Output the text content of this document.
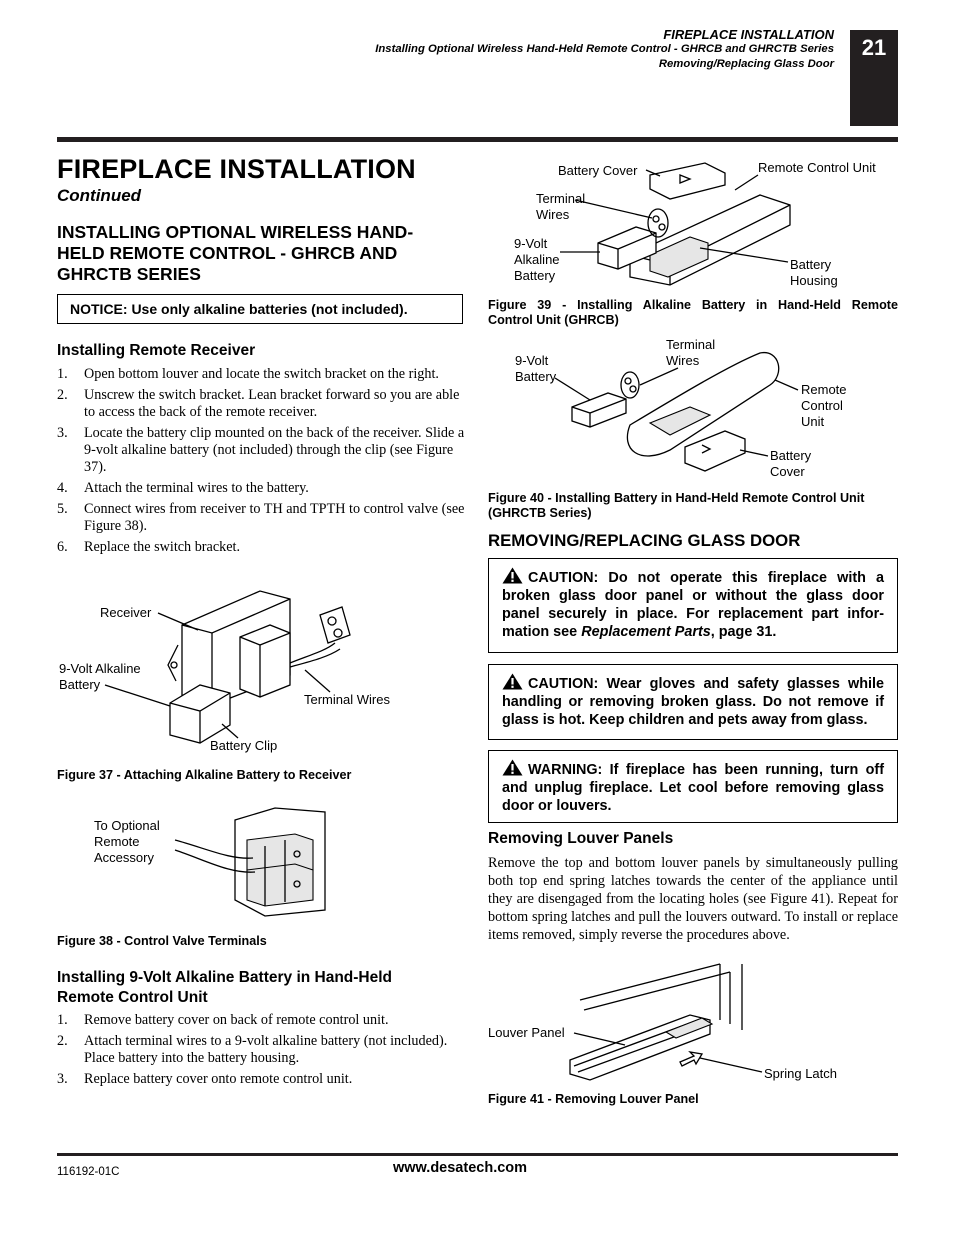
FIREPLACE INSTALLATION
Installing Optional Wireless Hand-Held Remote Control - GHRCB and GHRCTB Series
Removing/Replacing Glass Door
21
FIREPLACE INSTALLATION
Continued
INSTALLING OPTIONAL WIRELESS HAND-
HELD REMOTE CONTROL - GHRCB AND
GHRCTB SERIES
NOTICE: Use only alkaline batteries (not included).
Installing Remote Receiver
1. Open bottom louver and locate the switch bracket on the right.
2. Unscrew the switch bracket. Lean bracket forward so you are able to access the back of the remote receiver.
3. Locate the battery clip mounted on the back of the receiver. Slide a 9-volt alkaline battery (not included) through the clip (see Figure 37).
4. Attach the terminal wires to the battery.
5. Connect wires from receiver to TH and TPTH to control valve (see Figure 38).
6. Replace the switch bracket.
Receiver
9-Volt Alkaline
Battery
Terminal Wires
Battery Clip
Figure 37 - Attaching Alkaline Battery to Receiver
To Optional
Remote
Accessory
Figure 38 - Control Valve Terminals
Installing 9-Volt Alkaline Battery in Hand-Held
Remote Control Unit
1. Remove battery cover on back of remote control unit.
2. Attach terminal wires to a 9-volt alkaline battery (not included). Place battery into the battery housing.
3. Replace battery cover onto remote control unit.
Battery Cover	Remote Control Unit
Terminal
Wires
9-Volt
Alkaline
Battery
Battery
Housing
Figure 39 - Installing Alkaline Battery in Hand-Held Remote
Control Unit (GHRCB)
9-Volt
Battery
Terminal
Wires
Remote
Control
Unit
Battery
Cover
Figure 40 - Installing Battery in Hand-Held Remote Control Unit
(GHRCTB Series)
REMOVING/REPLACING GLASS DOOR
CAUTION: Do not operate this fireplace with a broken glass door panel or without the glass door panel securely in place. For replacement part infor-mation see Replacement Parts, page 31.
CAUTION: Wear gloves and safety glasses while handling or removing broken glass. Do not remove if glass is hot. Keep children and pets away from glass.
WARNING: If fireplace has been running, turn off and unplug fireplace. Let cool before removing glass door or louvers.
Removing Louver Panels
Remove the top and bottom louver panels by simultaneously pulling both top end spring latches towards the center of the appliance until they are disengaged from the locating holes (see Figure 41). Repeat for bottom spring latches and pull the louvers outward. To install or replace items removed, simply reverse the procedures above.
Louver Panel
Spring Latch
Figure 41 - Removing Louver Panel
116192-01C	www.desatech.com
